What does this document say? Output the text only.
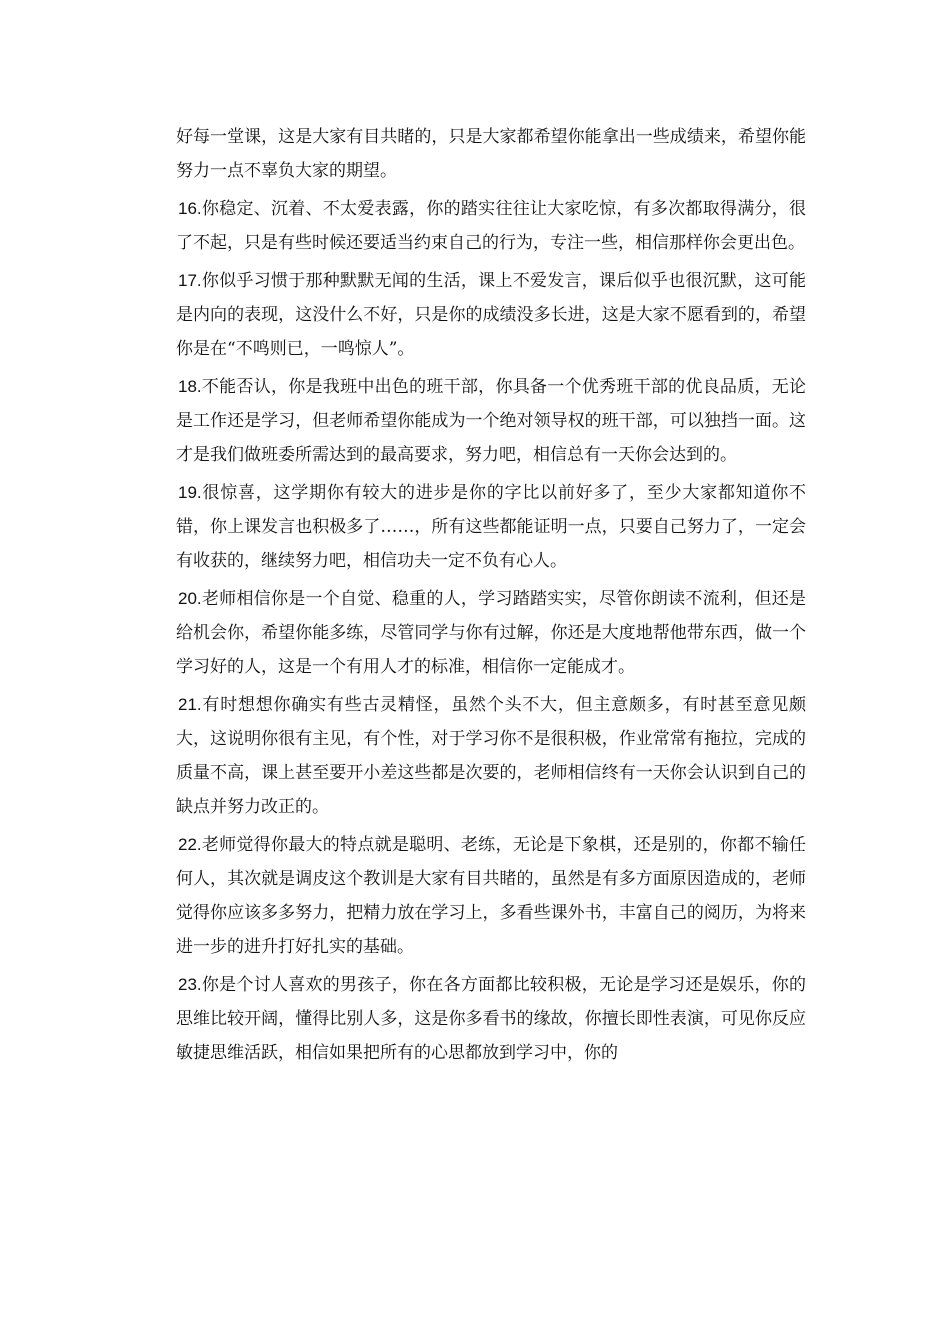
好每一堂课，这是大家有目共睹的，只是大家都希望你能拿出一些成绩来，希望你能努力一点不辜负大家的期望。

16.你稳定、沉着、不太爱表露，你的踏实往往让大家吃惊，有多次都取得满分，很了不起，只是有些时候还要适当约束自己的行为，专注一些，相信那样你会更出色。

17.你似乎习惯于那种默默无闻的生活，课上不爱发言，课后似乎也很沉默，这可能是内向的表现，这没什么不好，只是你的成绩没多长进，这是大家不愿看到的，希望你是在“不鸣则已，一鸣惊人”。

18.不能否认，你是我班中出色的班干部，你具备一个优秀班干部的优良品质，无论是工作还是学习，但老师希望你能成为一个绝对领导权的班干部，可以独挡一面。这才是我们做班委所需达到的最高要求，努力吧，相信总有一天你会达到的。

19.很惊喜，这学期你有较大的进步是你的字比以前好多了，至少大家都知道你不错，你上课发言也积极多了……，所有这些都能证明一点，只要自己努力了，一定会有收获的，继续努力吧，相信功夫一定不负有心人。

20.老师相信你是一个自觉、稳重的人，学习踏踏实实，尽管你朗读不流利，但还是给机会你，希望你能多练，尽管同学与你有过解，你还是大度地帮他带东西，做一个学习好的人，这是一个有用人才的标准，相信你一定能成才。

21.有时想想你确实有些古灵精怪，虽然个头不大，但主意颇多，有时甚至意见颇大，这说明你很有主见，有个性，对于学习你不是很积极，作业常常有拖拉，完成的质量不高，课上甚至要开小差这些都是次要的，老师相信终有一天你会认识到自己的缺点并努力改正的。

22.老师觉得你最大的特点就是聪明、老练，无论是下象棋，还是别的，你都不输任何人，其次就是调皮这个教训是大家有目共睹的，虽然是有多方面原因造成的，老师觉得你应该多多努力，把精力放在学习上，多看些课外书，丰富自己的阅历，为将来进一步的进升打好扎实的基础。

23.你是个讨人喜欢的男孩子，你在各方面都比较积极，无论是学习还是娱乐，你的思维比较开阔，懂得比别人多，这是你多看书的缘故，你擅长即性表演，可见你反应敏捷思维活跃，相信如果把所有的心思都放到学习中，你的
